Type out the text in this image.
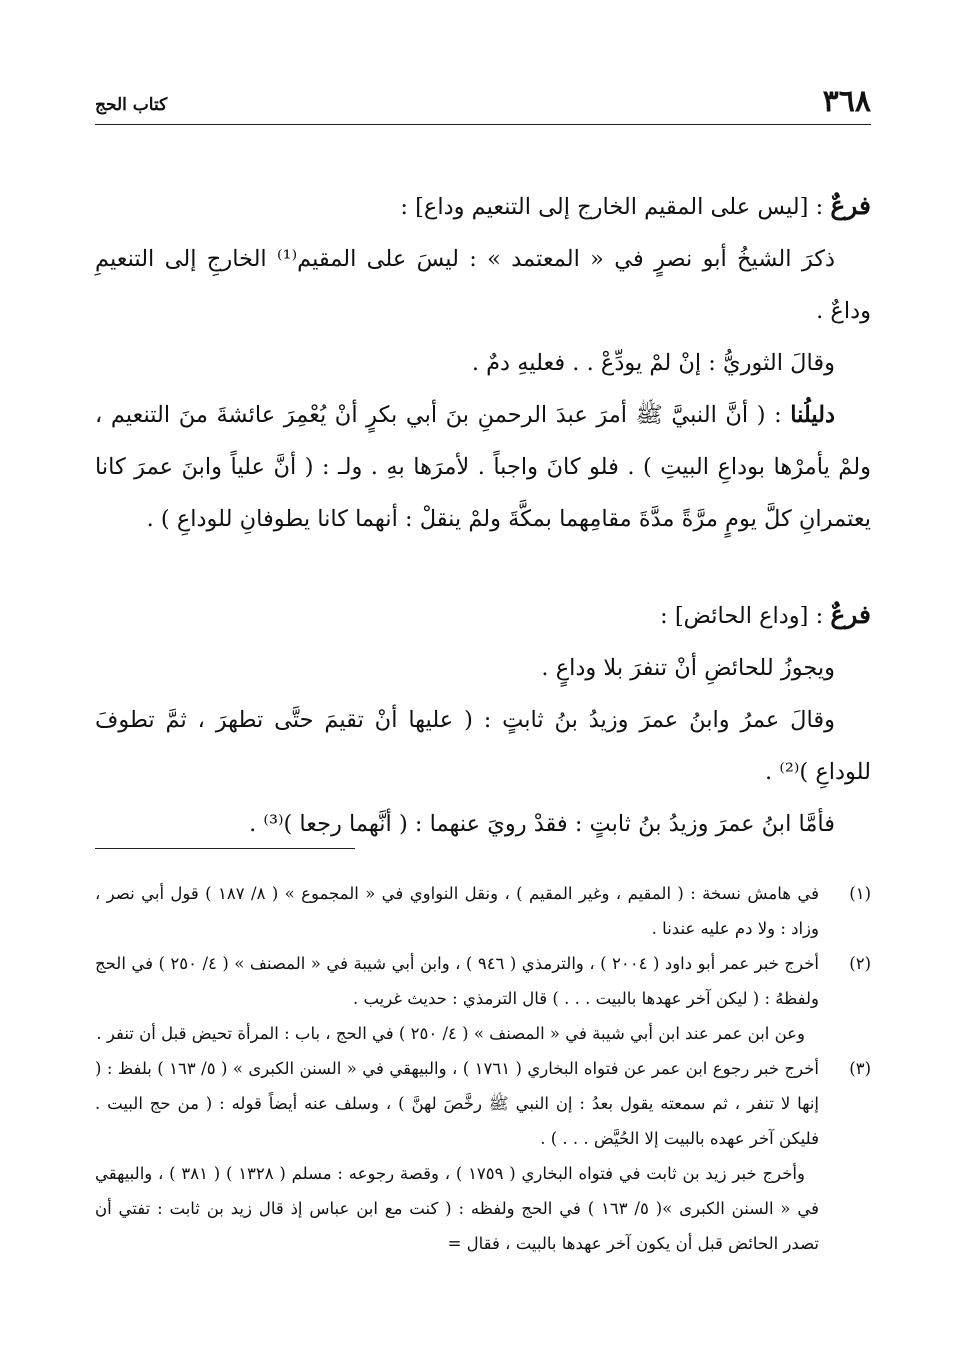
٣٦٨
كتاب الحج

فرعٌ : [ليس على المقيم الخارج إلى التنعيم وداع] :

ذكرَ الشيخُ أبو نصرٍ في « المعتمد » : ليسَ على المقيم⁽¹⁾ الخارجِ إلى التنعيمِ وداعٌ .

وقالَ الثوريُّ : إنْ لمْ يودِّعْ . . فعليهِ دمٌ .

دليلُنا : ( أنَّ النبيَّ ﷺ أمرَ عبدَ الرحمنِ بنَ أبي بكرٍ أنْ يُعْمِرَ عائشةَ منَ التنعيم ، ولمْ يأمرْها بوداعِ البيتِ ) . فلو كانَ واجباً . لأمرَها بهِ . ولـ : ( أنَّ علياً وابنَ عمرَ كانا يعتمرانِ كلَّ يومٍ مرَّةً مدَّةَ مقامِهما بمكَّةَ ولمْ ينقلْ : أنهما كانا يطوفانِ للوداعِ ) .

فرعٌ : [وداع الحائض] :

ويجوزُ للحائضِ أنْ تنفرَ بلا وداعٍ .

وقالَ عمرُ وابنُ عمرَ وزيدُ بنُ ثابتٍ : ( عليها أنْ تقيمَ حتَّى تطهرَ ، ثمَّ تطوفَ للوداعِ )⁽²⁾ .

فأمَّا ابنُ عمرَ وزيدُ بنُ ثابتٍ : فقدْ رويَ عنهما : ( أنَّهما رجعا )⁽³⁾ .

(١)

في هامش نسخة : ( المقيم ، وغير المقيم ) ، ونقل النواوي في « المجموع » ( ٨/ ١٨٧ ) قول أبي نصر ، وزاد : ولا دم عليه عندنا .

(٢)

أخرج خبر عمر أبو داود ( ٢٠٠٤ ) ، والترمذي ( ٩٤٦ ) ، وابن أبي شيبة في « المصنف » ( ٤/ ٢٥٠ ) في الحج ولفظهُ : ( ليكن آخر عهدها بالبيت . . . ) قال الترمذي : حديث غريب .

وعن ابن عمر عند ابن أبي شيبة في « المصنف » ( ٤/ ٢٥٠ ) في الحج ، باب : المرأة تحيض قبل أن تنفر .

(٣)

أخرج خبر رجوع ابن عمر عن فتواه البخاري ( ١٧٦١ ) ، والبيهقي في « السنن الكبرى » ( ٥/ ١٦٣ ) بلفظ : ( إنها لا تنفر ، ثم سمعته يقول بعدُ : إن النبي ﷺ رخَّصَ لهنَّ ) ، وسلف عنه أيضاً قوله : ( من حج البيت . فليكن آخر عهده بالبيت إلا الحُيَّض . . . ) .

وأخرج خبر زيد بن ثابت في فتواه البخاري ( ١٧٥٩ ) ، وقصة رجوعه : مسلم ( ١٣٢٨ ) ( ٣٨١ ) ، والبيهقي في « السنن الكبرى »( ٥/ ١٦٣ ) في الحج ولفظه : ( كنت مع ابن عباس إذ قال زيد بن ثابت : تفتي أن تصدر الحائض قبل أن يكون آخر عهدها بالبيت ، فقال =
